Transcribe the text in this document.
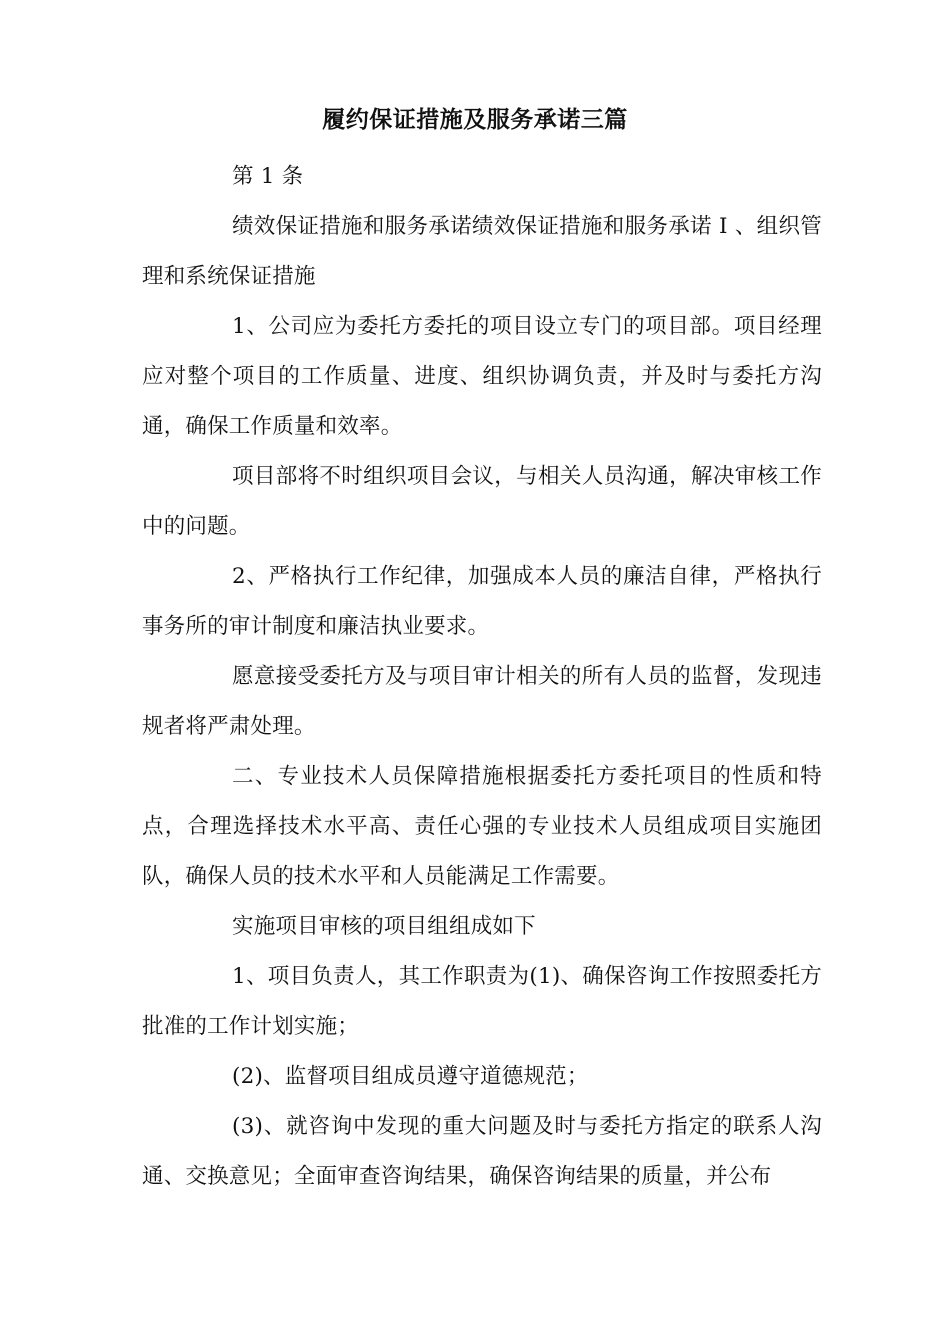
履约保证措施及服务承诺三篇

第 1 条

绩效保证措施和服务承诺绩效保证措施和服务承诺 I 、组织管理和系统保证措施

1、公司应为委托方委托的项目设立专门的项目部。项目经理应对整个项目的工作质量、进度、组织协调负责，并及时与委托方沟通，确保工作质量和效率。

项目部将不时组织项目会议，与相关人员沟通，解决审核工作中的问题。

2、严格执行工作纪律，加强成本人员的廉洁自律，严格执行事务所的审计制度和廉洁执业要求。

愿意接受委托方及与项目审计相关的所有人员的监督，发现违规者将严肃处理。

二、专业技术人员保障措施根据委托方委托项目的性质和特点，合理选择技术水平高、责任心强的专业技术人员组成项目实施团队，确保人员的技术水平和人员能满足工作需要。

实施项目审核的项目组组成如下

1、项目负责人，其工作职责为(1)、确保咨询工作按照委托方批准的工作计划实施；

(2)、监督项目组成员遵守道德规范；

(3)、就咨询中发现的重大问题及时与委托方指定的联系人沟通、交换意见；全面审查咨询结果，确保咨询结果的质量，并公布
